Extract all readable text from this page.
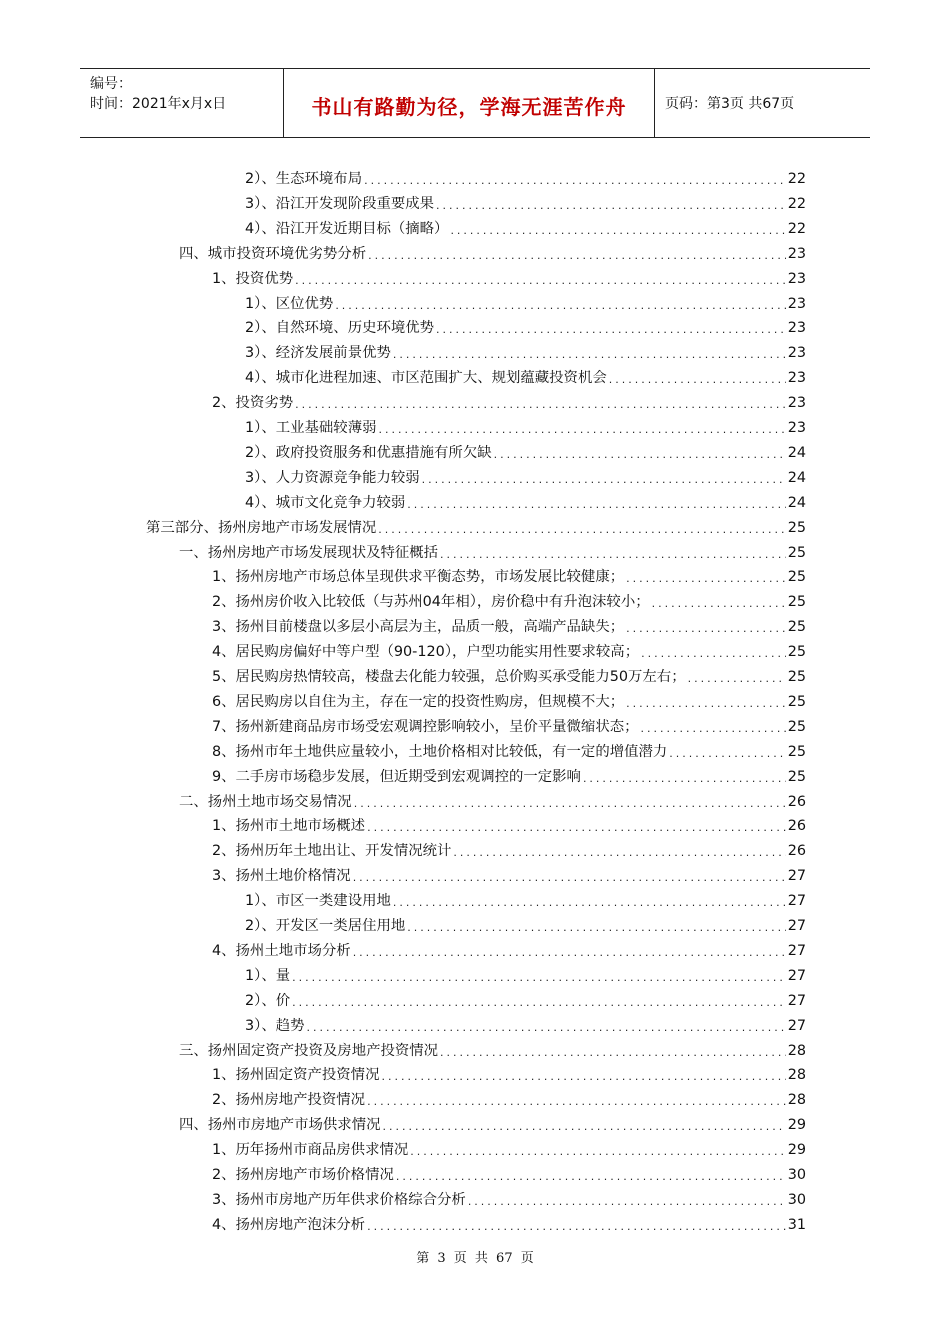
编号：
时间：2021年x月x日	书山有路勤为径，学海无涯苦作舟	页码：第3页 共67页
2）、生态环境布局 .....	22
3）、沿江开发现阶段重要成果 .....	22
4）、沿江开发近期目标（摘略） .....	22
四、城市投资环境优劣势分析 .....	23
1、投资优势 .....	23
1）、区位优势 .....	23
2）、自然环境、历史环境优势 .....	23
3）、经济发展前景优势 .....	23
4）、城市化进程加速、市区范围扩大、规划蕴藏投资机会 .....	23
2、投资劣势 .....	23
1）、工业基础较薄弱 .....	23
2）、政府投资服务和优惠措施有所欠缺 .....	24
3）、人力资源竞争能力较弱 .....	24
4）、城市文化竞争力较弱 .....	24
第三部分、扬州房地产市场发展情况 .....	25
一、扬州房地产市场发展现状及特征概括 .....	25
1、扬州房地产市场总体呈现供求平衡态势，市场发展比较健康； .....	25
2、扬州房价收入比较低（与苏州04年相），房价稳中有升泡沫较小； .....	25
3、扬州目前楼盘以多层小高层为主，品质一般，高端产品缺失； .....	25
4、居民购房偏好中等户型（90-120），户型功能实用性要求较高； .....	25
5、居民购房热情较高，楼盘去化能力较强，总价购买承受能力50万左右； .....	25
6、居民购房以自住为主，存在一定的投资性购房，但规模不大； .....	25
7、扬州新建商品房市场受宏观调控影响较小，呈价平量微缩状态； .....	25
8、扬州市年土地供应量较小，土地价格相对比较低，有一定的增值潜力 .....	25
9、二手房市场稳步发展，但近期受到宏观调控的一定影响 .....	25
二、扬州土地市场交易情况 .....	26
1、扬州市土地市场概述 .....	26
2、扬州历年土地出让、开发情况统计 .....	26
3、扬州土地价格情况 .....	27
1）、市区一类建设用地 .....	27
2）、开发区一类居住用地 .....	27
4、扬州土地市场分析 .....	27
1）、量 .....	27
2）、价 .....	27
3）、趋势 .....	27
三、扬州固定资产投资及房地产投资情况 .....	28
1、扬州固定资产投资情况 .....	28
2、扬州房地产投资情况 .....	28
四、扬州市房地产市场供求情况 .....	29
1、历年扬州市商品房供求情况 .....	29
2、扬州房地产市场价格情况 .....	30
3、扬州市房地产历年供求价格综合分析 .....	30
4、扬州房地产泡沫分析 .....	31
第 3 页 共 67 页
